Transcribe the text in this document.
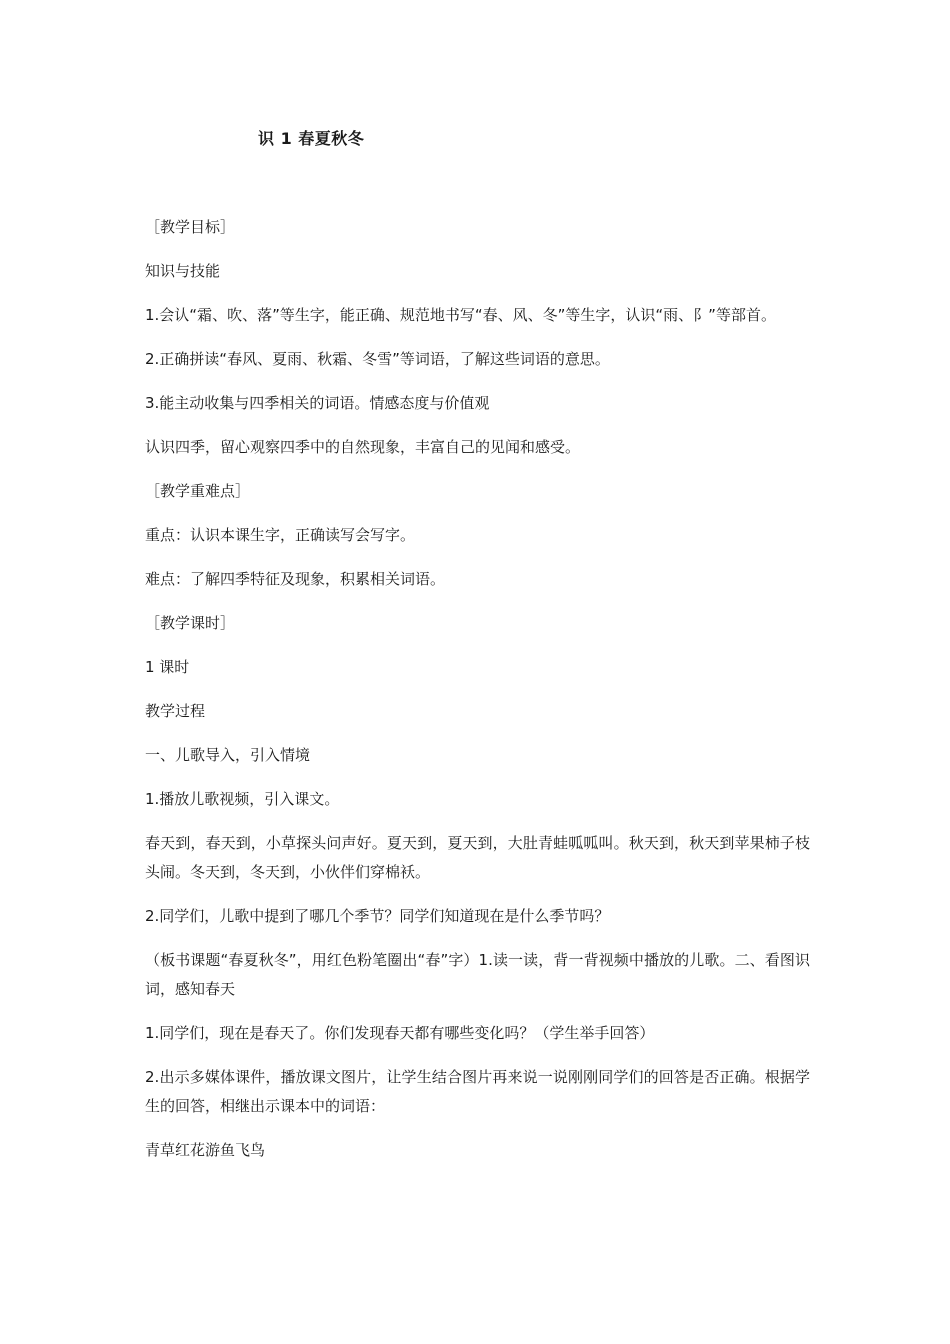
识 1 春夏秋冬

［教学目标］

知识与技能

1.会认“霜、吹、落”等生字，能正确、规范地书写“春、风、冬”等生字，认识“雨、阝”等部首。

2.正确拼读“春风、夏雨、秋霜、冬雪”等词语，了解这些词语的意思。

3.能主动收集与四季相关的词语。情感态度与价值观

认识四季，留心观察四季中的自然现象，丰富自己的见闻和感受。

［教学重难点］

重点：认识本课生字，正确读写会写字。

难点：了解四季特征及现象，积累相关词语。

［教学课时］

1 课时

教学过程

一、儿歌导入，引入情境

1.播放儿歌视频，引入课文。

春天到，春天到，小草探头问声好。夏天到，夏天到，大肚青蛙呱呱叫。秋天到，秋天到苹果柿子枝头闹。冬天到，冬天到，小伙伴们穿棉袄。

2.同学们，儿歌中提到了哪几个季节？同学们知道现在是什么季节吗？

（板书课题“春夏秋冬”，用红色粉笔圈出“春”字）1.读一读，背一背视频中播放的儿歌。二、看图识词，感知春天

1.同学们，现在是春天了。你们发现春天都有哪些变化吗？（学生举手回答）

2.出示多媒体课件，播放课文图片，让学生结合图片再来说一说刚刚同学们的回答是否正确。根据学生的回答，相继出示课本中的词语：

青草红花游鱼飞鸟
